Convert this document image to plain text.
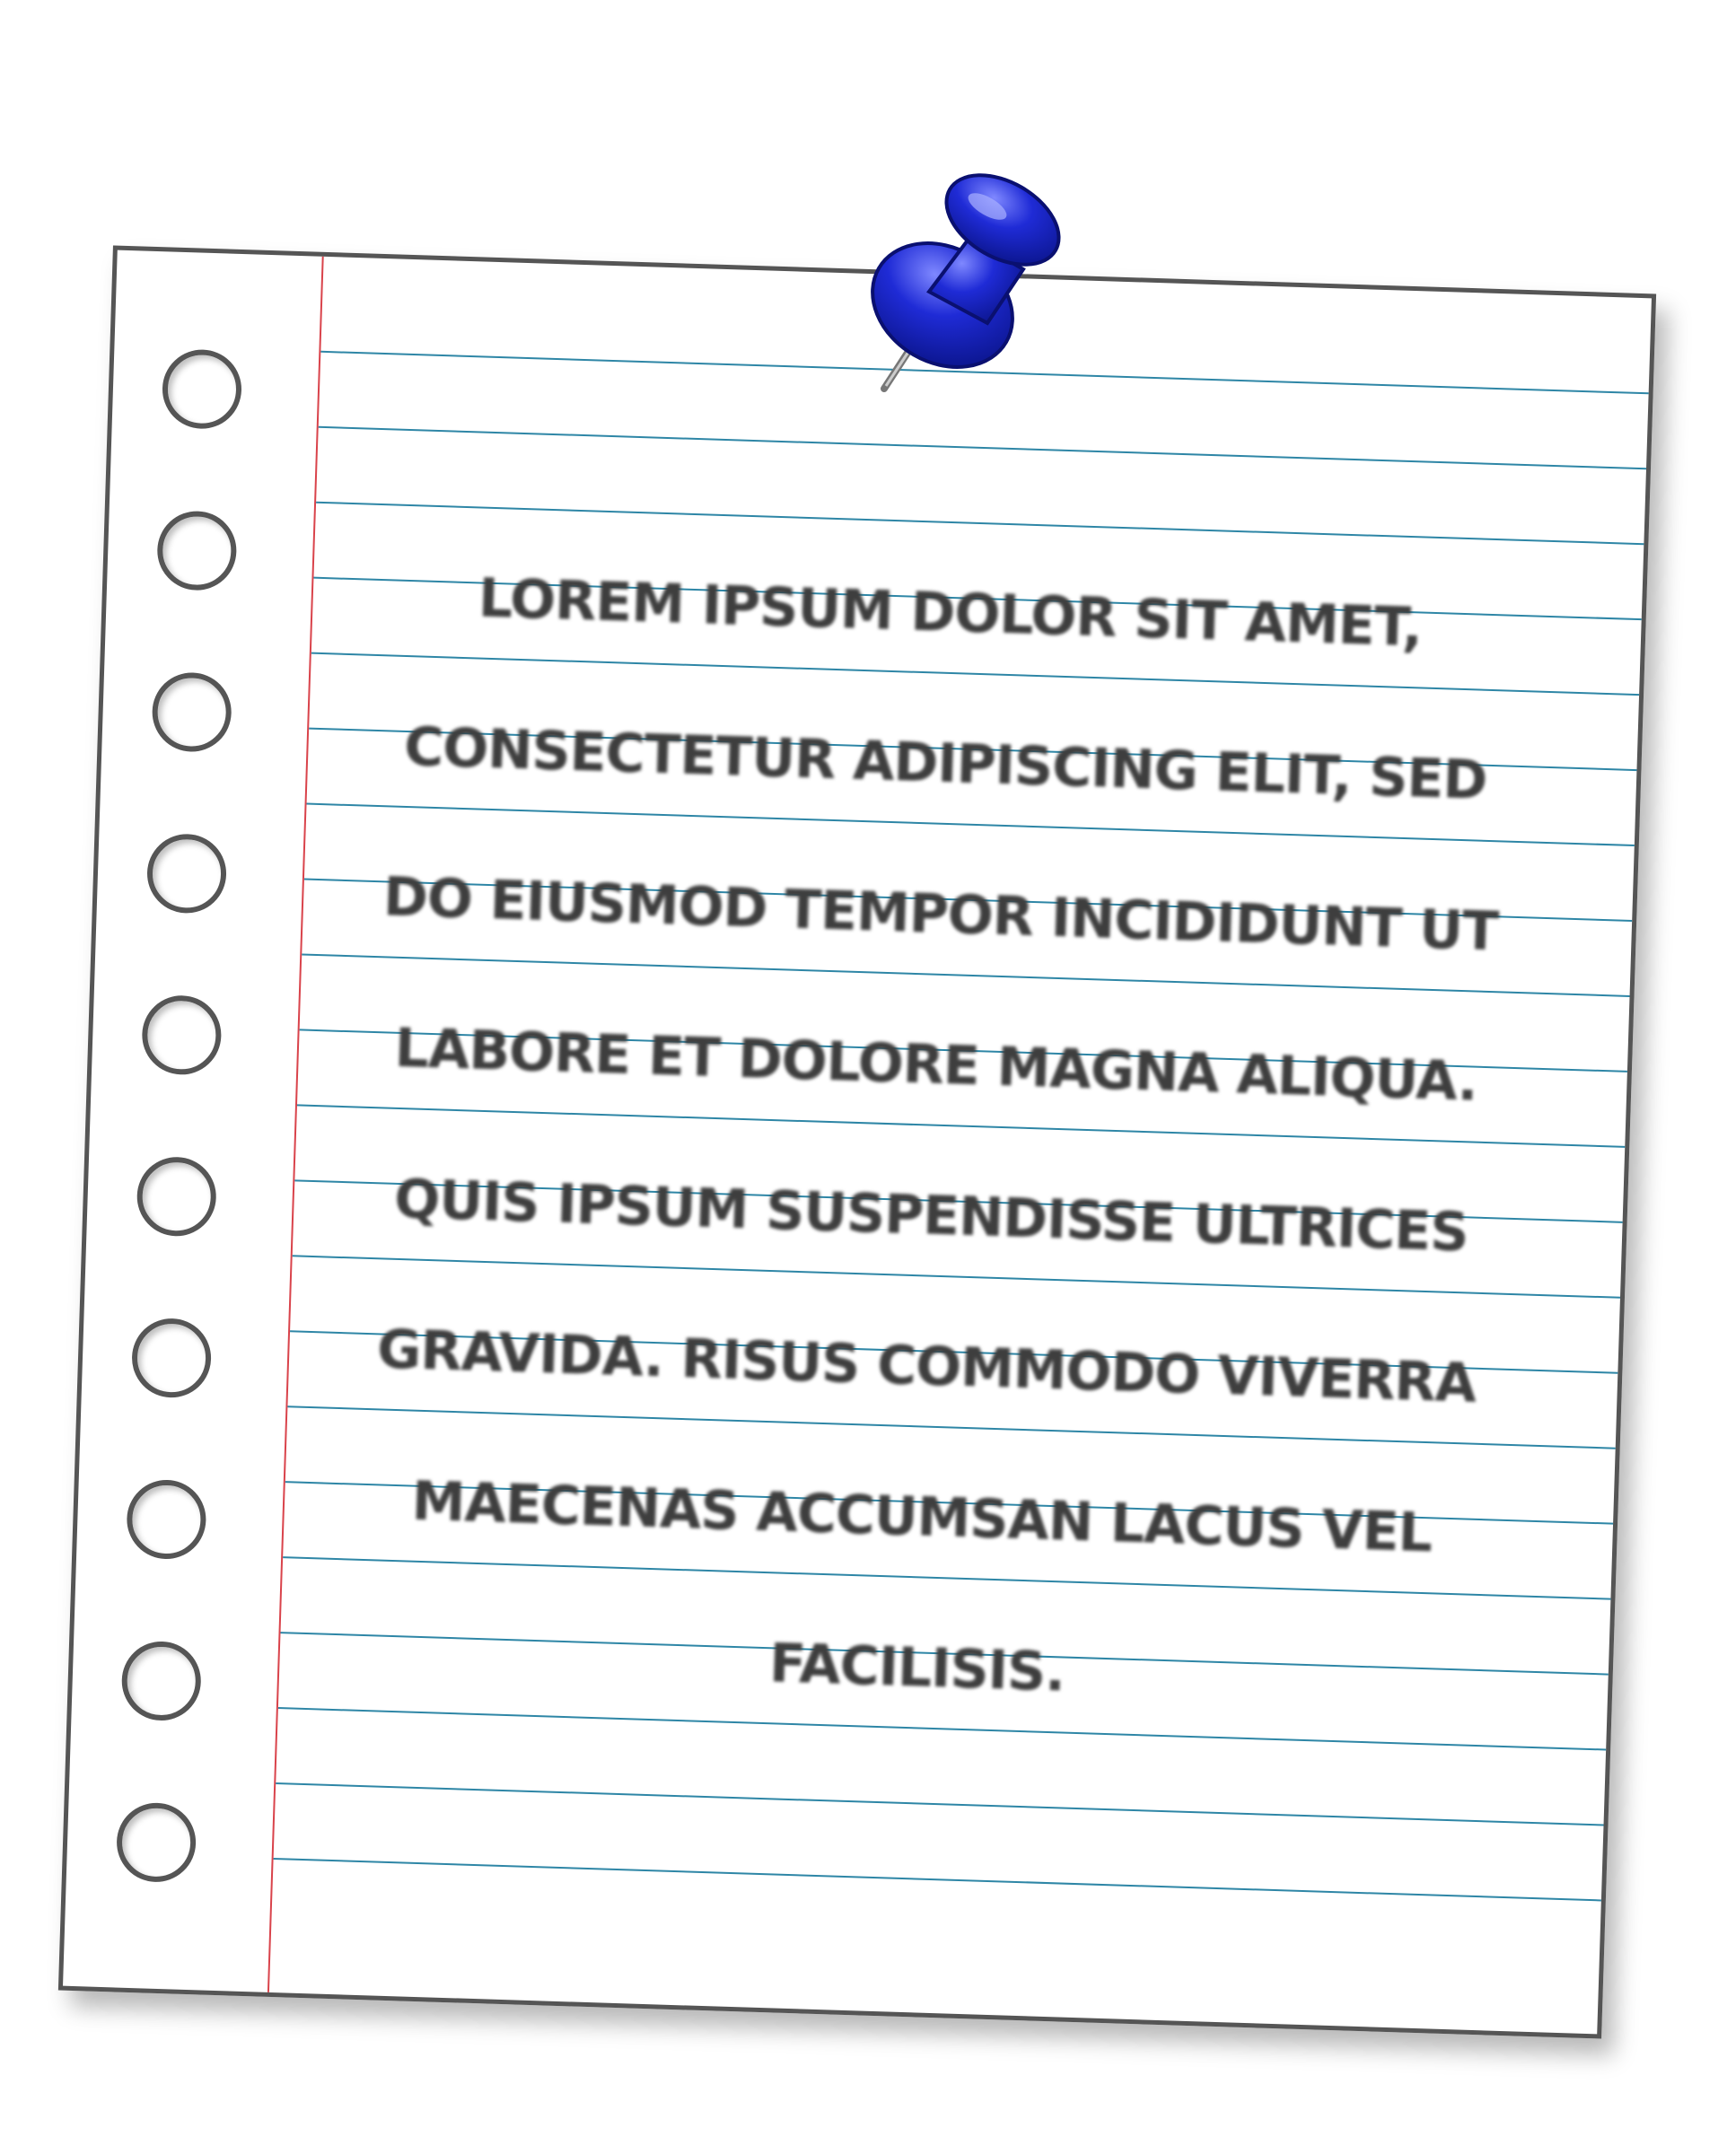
LOREM IPSUM DOLOR SIT AMET,
CONSECTETUR ADIPISCING ELIT, SED
DO EIUSMOD TEMPOR INCIDIDUNT UT
LABORE ET DOLORE MAGNA ALIQUA.
QUIS IPSUM SUSPENDISSE ULTRICES
GRAVIDA. RISUS COMMODO VIVERRA
MAECENAS ACCUMSAN LACUS VEL
FACILISIS.
